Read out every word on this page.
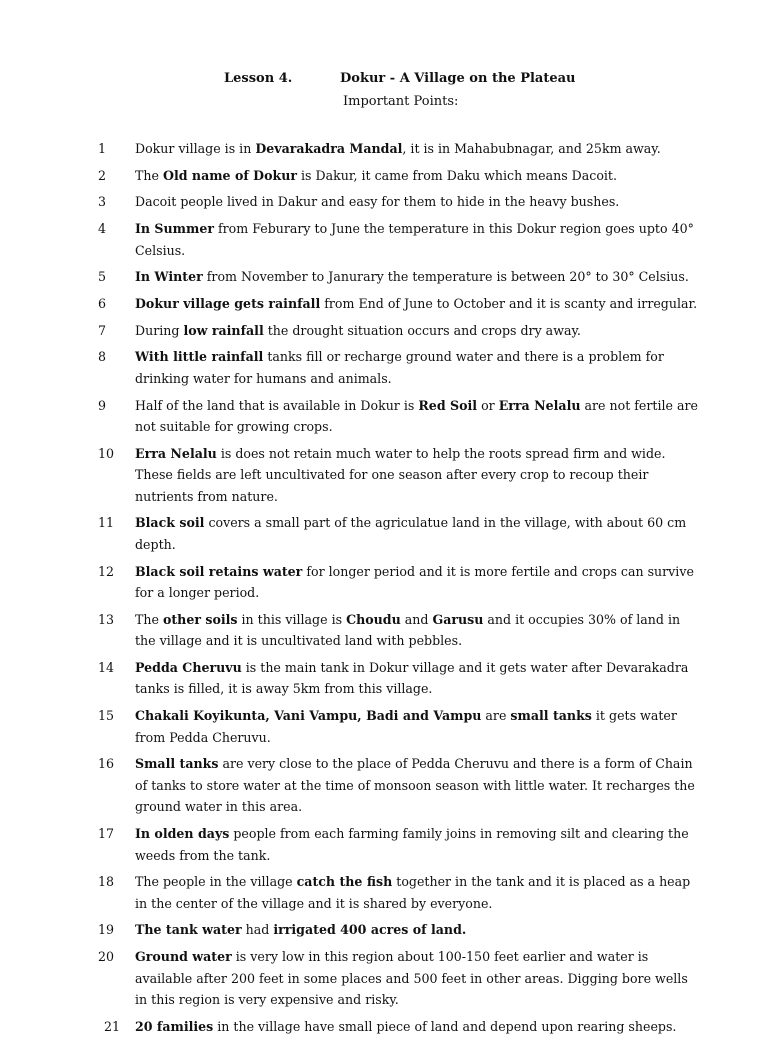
Lesson 4.	Dokur - A Village on the Plateau
Important Points:
1	Dokur village is in Devarakadra Mandal, it is in Mahabubnagar, and 25km away.
2	The Old name of Dokur is Dakur, it came from Daku which means Dacoit.
3	Dacoit people lived in Dakur and easy for them to hide in the heavy bushes.
4	In Summer from Feburary to June the temperature in this Dokur region goes upto 40° Celsius.
5	In Winter from November to Janurary the temperature is between 20° to 30° Celsius.
6	Dokur village gets rainfall from End of June to October and it is scanty and irregular.
7	During low rainfall the drought situation occurs and crops dry away.
8	With little rainfall tanks fill or recharge ground water and there is a problem for drinking water for humans and animals.
9	Half of the land that is available in Dokur is Red Soil or Erra Nelalu are not fertile are not suitable for growing crops.
10	Erra Nelalu is does not retain much water to help the roots spread firm and wide. These fields are left uncultivated for one season after every crop to recoup their nutrients from nature.
11	Black soil covers a small part of the agriculatue land in the village, with about 60 cm depth.
12	Black soil retains water for longer period and it is more fertile and crops can survive for a longer period.
13	The other soils in this village is Choudu and Garusu and it occupies 30% of land in the village and it is uncultivated land with pebbles.
14	Pedda Cheruvu is the main tank in Dokur village and it gets water after Devarakadra tanks is filled, it is away 5km from this village.
15	Chakali Koyikunta, Vani Vampu, Badi and Vampu are small tanks it gets water from Pedda Cheruvu.
16	Small tanks are very close to the place of Pedda Cheruvu and there is a form of Chain of tanks to store water at the time of monsoon season with little water. It recharges the ground water in this area.
17	In olden days people from each farming family joins in removing silt and clearing the weeds from the tank.
18	The people in the village catch the fish together in the tank and it is placed as a heap in the center of the village and it is shared by everyone.
19	The tank water had irrigated 400 acres of land.
20	Ground water is very low in this region about 100-150 feet earlier and water is available after 200 feet in some places and 500 feet in other areas. Digging bore wells in this region is very expensive and risky.
21	20 families in the village have small piece of land and depend upon rearing sheeps.
